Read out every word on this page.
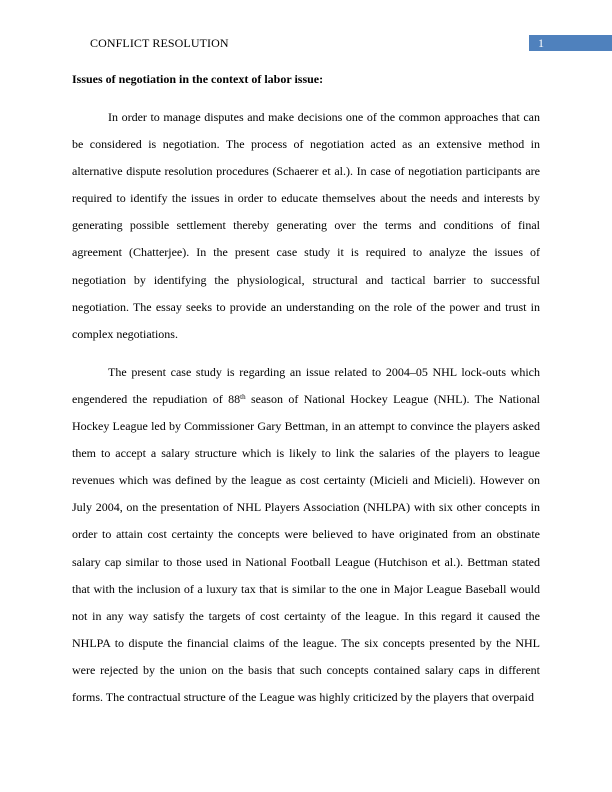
CONFLICT RESOLUTION	1
Issues of negotiation in the context of labor issue:

In order to manage disputes and make decisions one of the common approaches that can be considered is negotiation. The process of negotiation acted as an extensive method in alternative dispute resolution procedures (Schaerer et al.). In case of negotiation participants are required to identify the issues in order to educate themselves about the needs and interests by generating possible settlement thereby generating over the terms and conditions of final agreement (Chatterjee). In the present case study it is required to analyze the issues of negotiation by identifying the physiological, structural and tactical barrier to successful negotiation. The essay seeks to provide an understanding on the role of the power and trust in complex negotiations.

The present case study is regarding an issue related to 2004–05 NHL lock-outs which engendered the repudiation of 88th season of National Hockey League (NHL). The National Hockey League led by Commissioner Gary Bettman, in an attempt to convince the players asked them to accept a salary structure which is likely to link the salaries of the players to league revenues which was defined by the league as cost certainty (Micieli and Micieli). However on July 2004, on the presentation of NHL Players Association (NHLPA) with six other concepts in order to attain cost certainty the concepts were believed to have originated from an obstinate salary cap similar to those used in National Football League (Hutchison et al.). Bettman stated that with the inclusion of a luxury tax that is similar to the one in Major League Baseball would not in any way satisfy the targets of cost certainty of the league. In this regard it caused the NHLPA to dispute the financial claims of the league. The six concepts presented by the NHL were rejected by the union on the basis that such concepts contained salary caps in different forms. The contractual structure of the League was highly criticized by the players that overpaid
